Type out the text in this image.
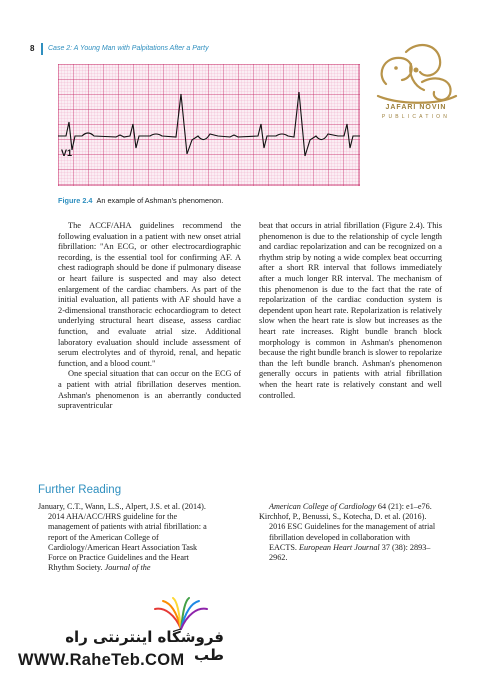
8 Case 2: A Young Man with Palpitations After a Party
JAFARI NOVIN
PUBLICATION
V1
Figure 2.4 An example of Ashman's phenomenon.

The ACCF/AHA guidelines recommend the following evaluation in a patient with new onset atrial fibrillation: "An ECG, or other electrocardiographic recording, is the essential tool for confirming AF. A chest radiograph should be done if pulmonary disease or heart failure is suspected and may also detect enlargement of the cardiac chambers. As part of the initial evaluation, all patients with AF should have a 2-dimensional transthoracic echocardiogram to detect underlying structural heart disease, assess cardiac function, and evaluate atrial size. Additional laboratory evaluation should include assessment of serum electrolytes and of thyroid, renal, and hepatic function, and a blood count."

One special situation that can occur on the ECG of a patient with atrial fibrillation deserves mention. Ashman's phenomenon is an aberrantly conducted supraventricular

beat that occurs in atrial fibrillation (Figure 2.4). This phenomenon is due to the relationship of cycle length and cardiac repolarization and can be recognized on a rhythm strip by noting a wide complex beat occurring after a short RR interval that follows immediately after a much longer RR interval. The mechanism of this phenomenon is due to the fact that the rate of repolarization of the cardiac conduction system is dependent upon heart rate. Repolarization is relatively slow when the heart rate is slow but increases as the heart rate increases. Right bundle branch block morphology is common in Ashman's phenomenon because the right bundle branch is slower to repolarize than the left bundle branch. Ashman's phenomenon generally occurs in patients with atrial fibrillation when the heart rate is relatively constant and well controlled.

Further Reading

January, C.T., Wann, L.S., Alpert, J.S. et al. (2014). 2014 AHA/ACC/HRS guideline for the management of patients with atrial fibrillation: a report of the American College of Cardiology/American Heart Association Task Force on Practice Guidelines and the Heart Rhythm Society. Journal of the

American College of Cardiology 64 (21): e1–e76.

Kirchhof, P., Benussi, S., Kotecha, D. et al. (2016). 2016 ESC Guidelines for the management of atrial fibrillation developed in collaboration with EACTS. European Heart Journal 37 (38): 2893–2962.

فروشگاه اینترنتی راه طب
WWW.RaheTeb.COM
